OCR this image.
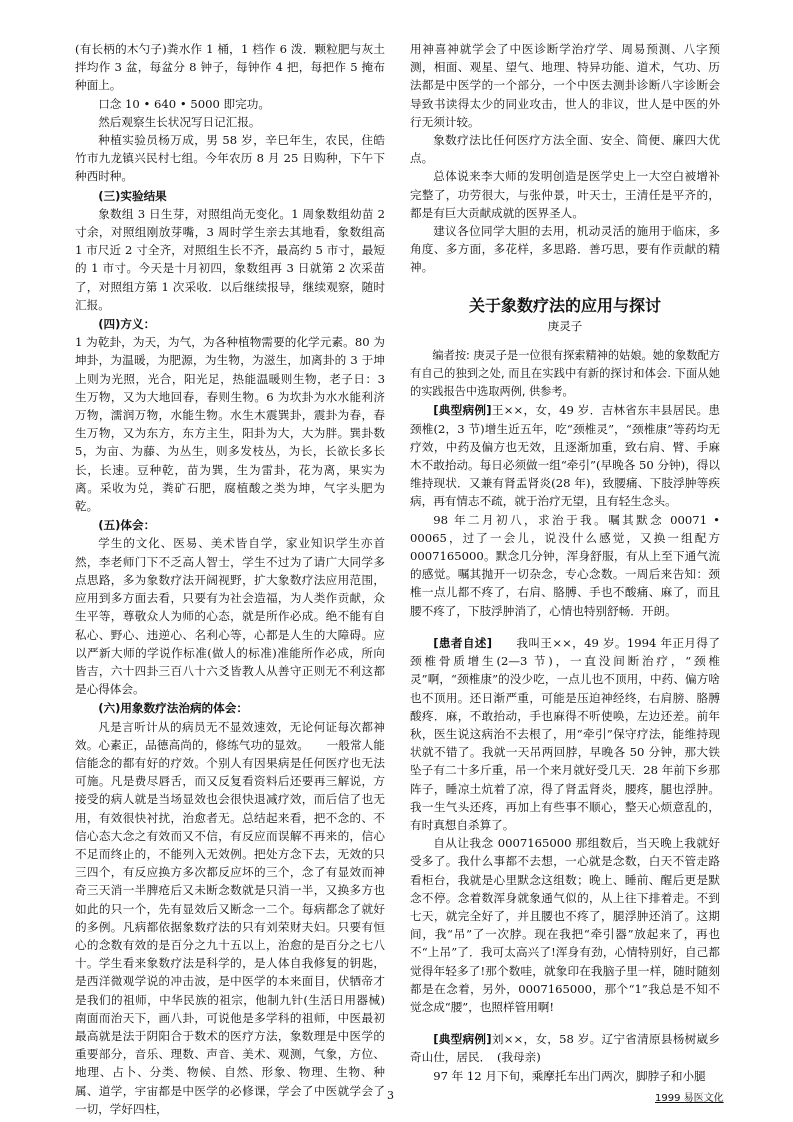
(有长柄的木勺子)粪水作 1 桶，1 档作 6 泼．颗粒肥与灰土拌均作 3 盆，每盆分 8 钟子，每钟作 4 把，每把作 5 掩布种面上。

口念 10 • 640 • 5000 即完功。

然后观察生长状况写日记汇报。

种植实验员杨万成，男 58 岁，辛巳年生，农民，住皓竹市九龙镇兴民村七组。今年农历 8 月 25 日购种，下午下种西时种。

(三)实验结果

象数组 3 日生芽，对照组尚无变化。1 周象数组幼苗 2 寸余，对照组刚放芽嘴，3 周时学生亲去其地看，象数组高 1 市尺近 2 寸全齐，对照组生长不齐，最高约 5 市寸，最短的 1 市寸。今天是十月初四，象数组再 3 日就第 2 次采苗了，对照组方第 1 次采收．以后继续报导，继续观察，随时汇报。

(四)方义：

1 为乾卦，为天，为气，为各种植物需要的化学元素。80 为坤卦，为温暖，为肥源，为生物，为滋生，加离卦的 3 于坤上则为光照，光合，阳光足，热能温暖则生物，老子日：3 生万物，又为大地回春，春则生物。6 为坎卦为水水能利济万物，濡润万物，水能生物。水生木震巽卦，震卦为春，春生万物，又为东方，东方主生，阳卦为大，大为胖。巽卦数 5，为亩、为藤、为丛生，则多发枝丛，为长，长欲长多长长，长速。豆种乾，苗为巽，生为雷卦，花为离，果实为离。采收为兑，粪矿石肥，腐植酸之类为坤，气字头肥为乾。

(五)体会：

学生的文化、医易、美术皆自学，家业知识学生亦首然，李老师门下不乏高人智士，学生不过为了请广大同学多点思路，多为象数疗法开阔视野，扩大象数疗法应用范围，应用到多方面去看，只要有为社会造福，为人类作贡献，众生平等，尊敬众人为师的心态，就是所作必成。绝不能有自私心、野心、违逆心、名利心等，心都是人生的大障碍。应以严新大师的学说作标准(做人的标准)准能所作必成，所向皆吉，六十四卦三百八十六爻皆教人从善守正则无不利这都是心得体会。

(六)用象数疗法治病的体会：

凡是言听计从的病员无不显效速效，无论何证每次都神效。心素正，品德高尚的，修练气功的显效。　　一般常人能信能念的都有好的疗效。个别人有因果病是任何医疗也无法可施。凡是费尽唇舌，而又反复看资料后还要再三解说，方接受的病人就是当场显效也会很快退减疗效，而后信了也无用，有效很快衬扰，治愈者无。总结起来看，把不念的、不信心态大念之有效而又不信，有反应而误解不再来的，信心不足而终止的，不能列入无效例。把处方念下去，无效的只三四个，有反应换方多次都反应坏的三个，念了有显效而神奇三天消一半脾疮后又未断念数就是只消一半，又换多方也如此的只一个，先有显效后又断念一二个。每病都念了就好的多例。凡病都依据象数疗法的只有刘荣财夫妇。只要有恒心的念数有效的是百分之九十五以上，治愈的是百分之七八十。学生看来象数疗法是科学的，是人体自我修复的钥匙，是西洋微观学说的冲击波，是中医学的本来面目，伏牺帝才是我们的祖师，中华民族的祖宗，他制九针(生活日用器械)南面而治天下，画八卦，可说他是多学科的祖师，中医最初最高就是法于阴阳合于数术的医疗方法，象数理是中医学的重要部分，音乐、理数、声音、美术、观测，气象，方位、地理、占卜、分类、物候、自然、形象、物理、生物、种属、道学，宇宙都是中医学的必修课，学会了中医就学会了一切，学好四柱，

用神喜神就学会了中医诊断学治疗学、周易预测、八字预测，相面、观星、望气、地理、特异功能、道术，气功、历法都是中医学的一个部分，一个中医去测卦诊断八字诊断会导致书读得太少的同业攻击，世人的非议，世人是中医的外行无须计较。

象数疗法比任何医疗方法全面、安全、简便、廉四大优点。

总体说来李大师的发明创造是医学史上一大空白被增补完整了，功劳很大，与张仲景，叶天士，王清任是平齐的，都是有巨大贡献成就的医界圣人。

建议各位同学大胆的去用，机动灵活的施用于临床，多角度、多方面，多花样，多思路．善巧思，要有作贡献的精神。

关于象数疗法的应用与探讨
庚灵子

编者按: 庚灵子是一位很有探索精神的姑娘。她的象数配方有自己的独到之处, 而且在实践中有新的探讨和体会. 下面从她的实践报告中选取两例, 供参考。

[典型病例]王××，女，49 岁．吉林省东丰县居民。患颈椎(2，3 节)增生近五年，吃“颈椎灵”，“颈椎康”等药均无疗效，中药及偏方也无效，且逐渐加重，致右肩、臂、手麻木不敢抬动。每日必须做一组“牵引”(早晚各 50 分钟)，得以维持现状．又兼有肾盂肾炎(28 年)，致腰痛、下肢浮肿等疾病，再有情志不疏，就于治疗无望，且有轻生念头。

98 年二月初八，求治于我。嘱其默念 00071 • 00065，过了一会儿，说没什么感觉，又换一组配方 0007165000。默念几分钟，浑身舒服，有从上至下通气流的感觉。嘱其抛开一切杂念，专心念数。一周后来告知：颈椎一点儿都不疼了，右肩、胳膊、手也不酸痛、麻了，而且腰不疼了，下肢浮肿消了，心情也特别舒畅．开朗。

[患者自述]　　 我叫王××，49 岁。1994 年正月得了颈椎骨质增生(2—3 节)，一直没间断治疗，“颈椎灵”啊，“颈椎康”的没少吃，一点儿也不顶用，中药、偏方啥也不顶用。还日渐严重，可能是压迫神经终，右肩膀、胳膊酸疼．麻，不敢抬动，手也麻得不听使唤，左边还差。前年秋，医生说这病治不去根了，用“牵引”保守疗法，能维持现状就不错了。我就一天吊两回脖，早晚各 50 分钟，那大铁坠子有二十多斤重，吊一个来月就好受几天．28 年前下乡那阵子，睡凉土炕着了凉，得了肾盂肾炎，腰疼，腿也浮肿。我一生气头还疼，再加上有些事不顺心，整天心烦意乱的，有时真想自杀算了。

自从让我念 0007165000 那组数后，当天晚上我就好受多了。我什么事都不去想，一心就是念数，白天不管走路看柜台，我就是心里默念这组数；晚上、睡前、醒后更是默念不停。念着数浑身就象通气似的，从上往下排着走。不到七天，就完全好了，并且腰也不疼了，腿浮肿还消了。这期间，我“吊”了一次脖。现在我把“牵引器”放起来了，再也不“上吊”了．我可太高兴了!浑身有劲，心情特别好，自己都觉得年轻多了!那个数哇，就象印在我脑子里一样，随时随刻都是在念着，另外，0007165000，那个“1”我总是不知不觉念成“腰”，也照样管用啊!

[典型病例]刘××，女，58 岁。辽宁省清原县杨树崴乡奇山仕，居民．　(我母亲)

97 年 12 月下旬，乘摩托车出门两次，脚脖子和小腿

3	1999 易医文化
